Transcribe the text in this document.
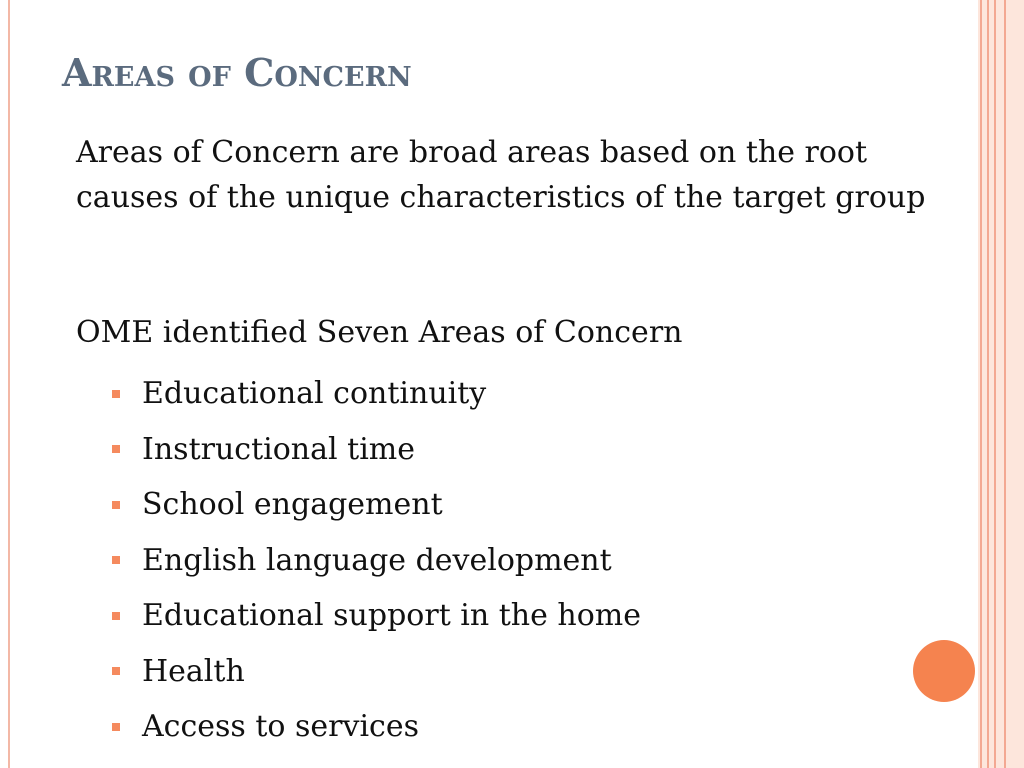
Areas of Concern

Areas of Concern are broad areas based on the root causes of the unique characteristics of the target group

OME identified Seven Areas of Concern

Educational continuity
Instructional time
School engagement
English language development
Educational support in the home
Health
Access to services
